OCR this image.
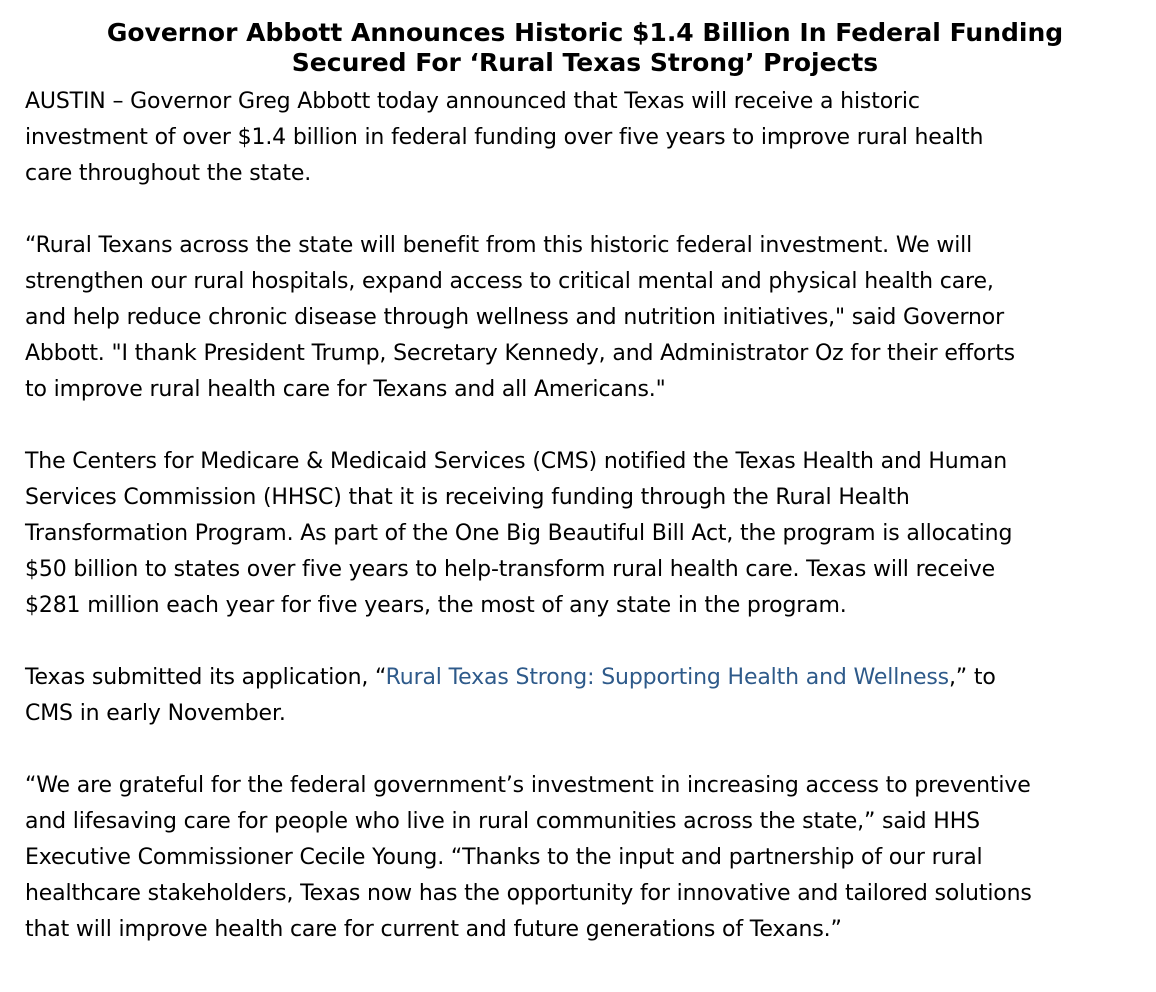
Governor Abbott Announces Historic $1.4 Billion In Federal Funding
Secured For ‘Rural Texas Strong’ Projects

AUSTIN – Governor Greg Abbott today announced that Texas will receive a historic
investment of over $1.4 billion in federal funding over five years to improve rural health
care throughout the state.

“Rural Texans across the state will benefit from this historic federal investment. We will
strengthen our rural hospitals, expand access to critical mental and physical health care,
and help reduce chronic disease through wellness and nutrition initiatives," said Governor
Abbott. "I thank President Trump, Secretary Kennedy, and Administrator Oz for their efforts
to improve rural health care for Texans and all Americans."

The Centers for Medicare & Medicaid Services (CMS) notified the Texas Health and Human
Services Commission (HHSC) that it is receiving funding through the Rural Health
Transformation Program. As part of the One Big Beautiful Bill Act, the program is allocating
$50 billion to states over five years to help-transform rural health care. Texas will receive
$281 million each year for five years, the most of any state in the program.

Texas submitted its application, “Rural Texas Strong: Supporting Health and Wellness,” to
CMS in early November.

“We are grateful for the federal government’s investment in increasing access to preventive
and lifesaving care for people who live in rural communities across the state,” said HHS
Executive Commissioner Cecile Young. “Thanks to the input and partnership of our rural
healthcare stakeholders, Texas now has the opportunity for innovative and tailored solutions
that will improve health care for current and future generations of Texans.”
